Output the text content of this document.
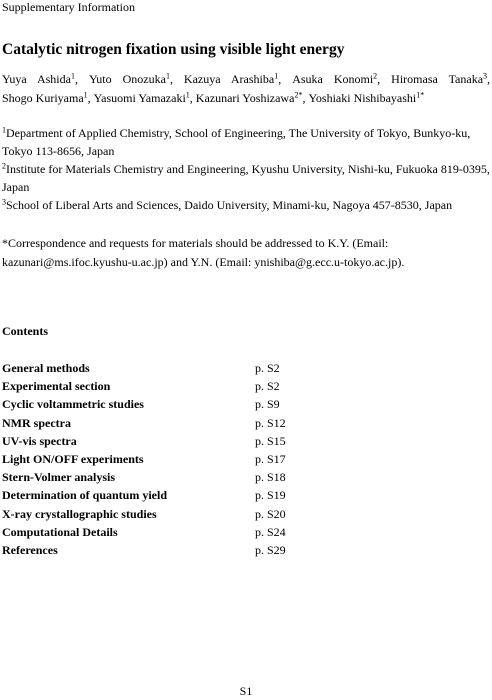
Supplementary Information
Catalytic nitrogen fixation using visible light energy
Yuya Ashida$^1$, Yuto Onozuka$^1$, Kazuya Arashiba$^1$, Asuka Konomi$^2$, Hiromasa Tanaka$^3$, Shogo Kuriyama$^1$, Yasuomi Yamazaki$^1$, Kazunari Yoshizawa$^{2*}$, Yoshiaki Nishibayashi$^{1*}$

$^1$Department of Applied Chemistry, School of Engineering, The University of Tokyo, Bunkyo-ku, Tokyo 113-8656, Japan

$^2$Institute for Materials Chemistry and Engineering, Kyushu University, Nishi-ku, Fukuoka 819-0395, Japan

$^3$School of Liberal Arts and Sciences, Daido University, Minami-ku, Nagoya 457-8530, Japan

*Correspondence and requests for materials should be addressed to K.Y. (Email: kazunari@ms.ifoc.kyushu-u.ac.jp) and Y.N. (Email: ynishiba@g.ecc.u-tokyo.ac.jp).
Contents
General methods	p. S2
Experimental section	p. S2
Cyclic voltammetric studies	p. S9
NMR spectra	p. S12
UV-vis spectra	p. S15
Light ON/OFF experiments	p. S17
Stern-Volmer analysis	p. S18
Determination of quantum yield	p. S19
X-ray crystallographic studies	p. S20
Computational Details	p. S24
References	p. S29
S1
